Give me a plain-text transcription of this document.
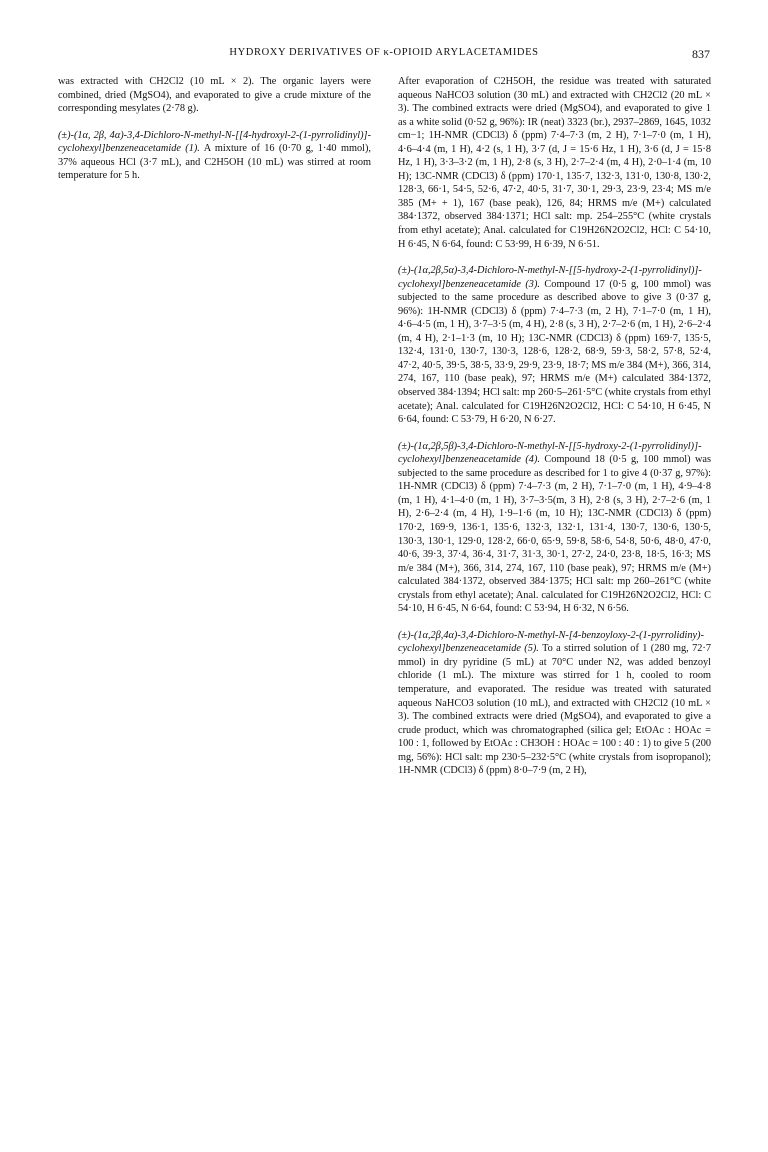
HYDROXY DERIVATIVES OF κ-OPIOID ARYLACETAMIDES	837

was extracted with CH2Cl2 (10 mL × 2). The organic layers were combined, dried (MgSO4), and evaporated to give a crude mixture of the corresponding mesylates (2·78 g).

(±)-(1α, 2β, 4α)-3,4-Dichloro-N-methyl-N-[[4-hydroxyl-2-(1-pyrrolidinyl)]-cyclohexyl]benzeneacetamide (1). A mixture of 16 (0·70 g, 1·40 mmol), 37% aqueous HCl (3·7 mL), and C2H5OH (10 mL) was stirred at room temperature for 5 h.

After evaporation of C2H5OH, the residue was treated with saturated aqueous NaHCO3 solution (30 mL) and extracted with CH2Cl2 (20 mL × 3). The combined extracts were dried (MgSO4), and evaporated to give 1 as a white solid (0·52 g, 96%): IR (neat) 3323 (br.), 2937–2869, 1645, 1032 cm−1; 1H-NMR (CDCl3) δ (ppm) 7·4–7·3 (m, 2 H), 7·1–7·0 (m, 1 H), 4·6–4·4 (m, 1 H), 4·2 (s, 1 H), 3·7 (d, J = 15·6 Hz, 1 H), 3·6 (d, J = 15·8 Hz, 1 H), 3·3–3·2 (m, 1 H), 2·8 (s, 3 H), 2·7–2·4 (m, 4 H), 2·0–1·4 (m, 10 H); 13C-NMR (CDCl3) δ (ppm) 170·1, 135·7, 132·3, 131·0, 130·8, 130·2, 128·3, 66·1, 54·5, 52·6, 47·2, 40·5, 31·7, 30·1, 29·3, 23·9, 23·4; MS m/e 385 (M+ + 1), 167 (base peak), 126, 84; HRMS m/e (M+) calculated 384·1372, observed 384·1371; HCl salt: mp. 254–255°C (white crystals from ethyl acetate); Anal. calculated for C19H26N2O2Cl2, HCl: C 54·10, H 6·45, N 6·64, found: C 53·99, H 6·39, N 6·51.

(±)-(1α,2β,5α)-3,4-Dichloro-N-methyl-N-[[5-hydroxy-2-(1-pyrrolidinyl)]-cyclohexyl]benzeneacetamide (3). Compound 17 (0·5 g, 100 mmol) was subjected to the same procedure as described above to give 3 (0·37 g, 96%): 1H-NMR (CDCl3) δ (ppm) 7·4–7·3 (m, 2 H), 7·1–7·0 (m, 1 H), 4·6–4·5 (m, 1 H), 3·7–3·5 (m, 4 H), 2·8 (s, 3 H), 2·7–2·6 (m, 1 H), 2·6–2·4 (m, 4 H), 2·1–1·3 (m, 10 H); 13C-NMR (CDCl3) δ (ppm) 169·7, 135·5, 132·4, 131·0, 130·7, 130·3, 128·6, 128·2, 68·9, 59·3, 58·2, 57·8, 52·4, 47·2, 40·5, 39·5, 38·5, 33·9, 29·9, 23·9, 18·7; MS m/e 384 (M+), 366, 314, 274, 167, 110 (base peak), 97; HRMS m/e (M+) calculated 384·1372, observed 384·1394; HCl salt: mp 260·5–261·5°C (white crystals from ethyl acetate); Anal. calculated for C19H26N2O2Cl2, HCl: C 54·10, H 6·45, N 6·64, found: C 53·79, H 6·20, N 6·27.

(±)-(1α,2β,5β)-3,4-Dichloro-N-methyl-N-[[5-hydroxy-2-(1-pyrrolidinyl)]-cyclohexyl]benzeneacetamide (4). Compound 18 (0·5 g, 100 mmol) was subjected to the same procedure as described for 1 to give 4 (0·37 g, 97%): 1H-NMR (CDCl3) δ (ppm) 7·4–7·3 (m, 2 H), 7·1–7·0 (m, 1 H), 4·9–4·8 (m, 1 H), 4·1–4·0 (m, 1 H), 3·7–3·5(m, 3 H), 2·8 (s, 3 H), 2·7–2·6 (m, 1 H), 2·6–2·4 (m, 4 H), 1·9–1·6 (m, 10 H); 13C-NMR (CDCl3) δ (ppm) 170·2, 169·9, 136·1, 135·6, 132·3, 132·1, 131·4, 130·7, 130·6, 130·5, 130·3, 130·1, 129·0, 128·2, 66·0, 65·9, 59·8, 58·6, 54·8, 50·6, 48·0, 47·0, 40·6, 39·3, 37·4, 36·4, 31·7, 31·3, 30·1, 27·2, 24·0, 23·8, 18·5, 16·3; MS m/e 384 (M+), 366, 314, 274, 167, 110 (base peak), 97; HRMS m/e (M+) calculated 384·1372, observed 384·1375; HCl salt: mp 260–261°C (white crystals from ethyl acetate); Anal. calculated for C19H26N2O2Cl2, HCl: C 54·10, H 6·45, N 6·64, found: C 53·94, H 6·32, N 6·56.

(±)-(1α,2β,4α)-3,4-Dichloro-N-methyl-N-[4-benzoyloxy-2-(1-pyrrolidiny)-cyclohexyl]benzeneacetamide (5). To a stirred solution of 1 (280 mg, 72·7 mmol) in dry pyridine (5 mL) at 70°C under N2, was added benzoyl chloride (1 mL). The mixture was stirred for 1 h, cooled to room temperature, and evaporated. The residue was treated with saturated aqueous NaHCO3 solution (10 mL), and extracted with CH2Cl2 (10 mL × 3). The combined extracts were dried (MgSO4), and evaporated to give a crude product, which was chromatographed (silica gel; EtOAc : HOAc = 100 : 1, followed by EtOAc : CH3OH : HOAc = 100 : 40 : 1) to give 5 (200 mg, 56%): HCl salt: mp 230·5–232·5°C (white crystals from isopropanol); 1H-NMR (CDCl3) δ (ppm) 8·0–7·9 (m, 2 H),
